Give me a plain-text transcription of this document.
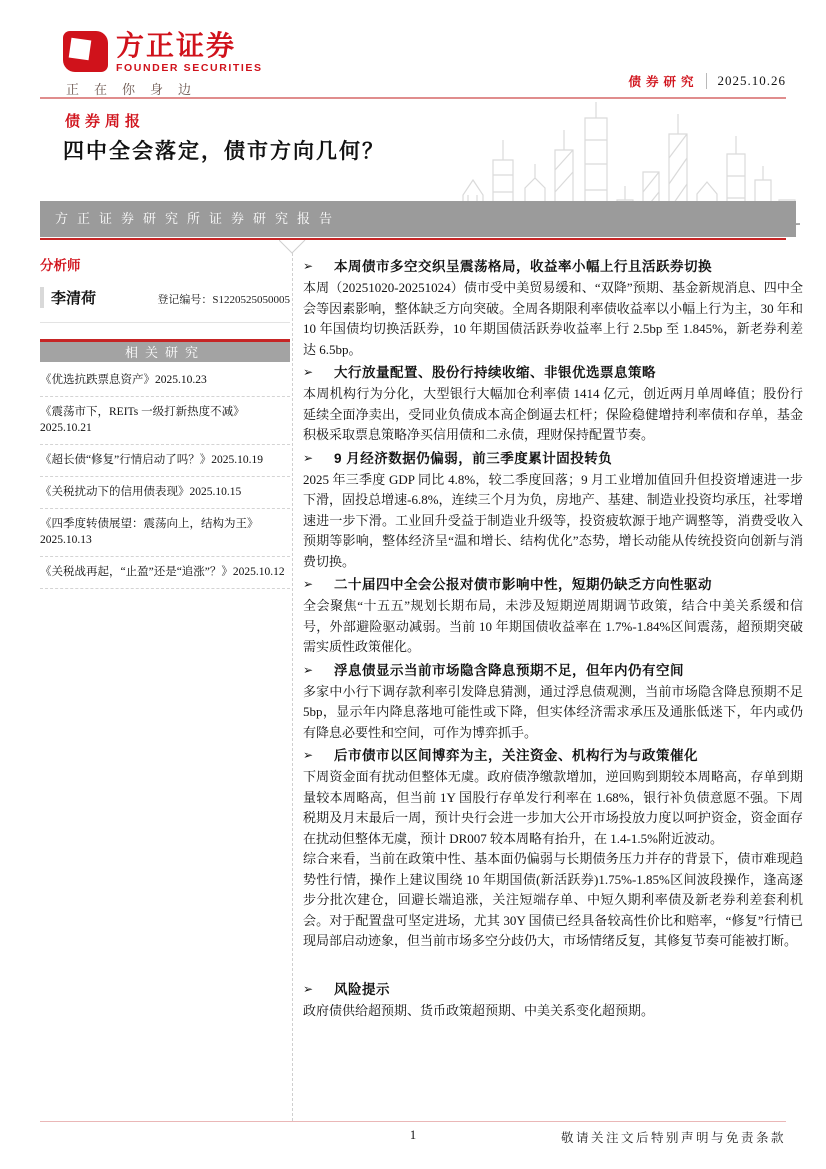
方正证券
FOUNDER SECURITIES
正在你身边	债券研究 2025.10.26
债券周报
四中全会落定，债市方向几何？
方正证券研究所证券研究报告
分析师
李清荷	登记编号：S1220525050005
相关研究
《优选抗跌票息资产》2025.10.23
《震荡市下，REITs 一级打新热度不减》2025.10.21
《超长债“修复”行情启动了吗？》2025.10.19
《关税扰动下的信用债表现》2025.10.15
《四季度转债展望：震荡向上，结构为王》2025.10.13
《关税战再起，“止盈”还是“追涨”？》2025.10.12
➢	本周债市多空交织呈震荡格局，收益率小幅上行且活跃券切换

本周（20251020-20251024）债市受中美贸易缓和、“双降”预期、基金新规消息、四中全会等因素影响，整体缺乏方向突破。全周各期限利率债收益率以小幅上行为主，30 年和 10 年国债均切换活跃券，10 年期国债活跃券收益率上行 2.5bp 至 1.845%，新老券利差达 6.5bp。

➢	大行放量配置、股份行持续收缩、非银优选票息策略

本周机构行为分化，大型银行大幅加仓利率债 1414 亿元，创近两月单周峰值；股份行延续全面净卖出，受同业负债成本高企倒逼去杠杆；保险稳健增持利率债和存单，基金积极采取票息策略净买信用债和二永债，理财保持配置节奏。

➢	9 月经济数据仍偏弱，前三季度累计固投转负

2025 年三季度 GDP 同比 4.8%，较二季度回落；9 月工业增加值回升但投资增速进一步下滑，固投总增速-6.8%，连续三个月为负，房地产、基建、制造业投资均承压，社零增速进一步下滑。工业回升受益于制造业升级等，投资疲软源于地产调整等，消费受收入预期等影响，整体经济呈“温和增长、结构优化”态势，增长动能从传统投资向创新与消费切换。

➢	二十届四中全会公报对债市影响中性，短期仍缺乏方向性驱动

全会聚焦“十五五”规划长期布局，未涉及短期逆周期调节政策，结合中美关系缓和信号，外部避险驱动减弱。当前 10 年期国债收益率在 1.7%-1.84%区间震荡，超预期突破需实质性政策催化。

➢	浮息债显示当前市场隐含降息预期不足，但年内仍有空间

多家中小行下调存款利率引发降息猜测，通过浮息债观测，当前市场隐含降息预期不足 5bp，显示年内降息落地可能性或下降，但实体经济需求承压及通胀低迷下，年内或仍有降息必要性和空间，可作为博弈抓手。

➢	后市债市以区间博弈为主，关注资金、机构行为与政策催化

下周资金面有扰动但整体无虞。政府债净缴款增加，逆回购到期较本周略高，存单到期量较本周略高，但当前 1Y 国股行存单发行利率在 1.68%，银行补负债意愿不强。下周税期及月末最后一周，预计央行会进一步加大公开市场投放力度以呵护资金，资金面存在扰动但整体无虞，预计 DR007 较本周略有抬升，在 1.4-1.5%附近波动。

综合来看，当前在政策中性、基本面仍偏弱与长期债务压力并存的背景下，债市难现趋势性行情，操作上建议围绕 10 年期国债(新活跃券)1.75%-1.85%区间波段操作，逢高逐步分批次建仓，回避长端追涨，关注短端存单、中短久期利率债及新老券利差套利机会。对于配置盘可坚定进场，尤其 30Y 国债已经具备较高性价比和赔率，“修复”行情已现局部启动迹象，但当前市场多空分歧仍大，市场情绪反复，其修复节奏可能被打断。

➢	风险提示

政府债供给超预期、货币政策超预期、中美关系变化超预期。

1	敬请关注文后特别声明与免责条款
